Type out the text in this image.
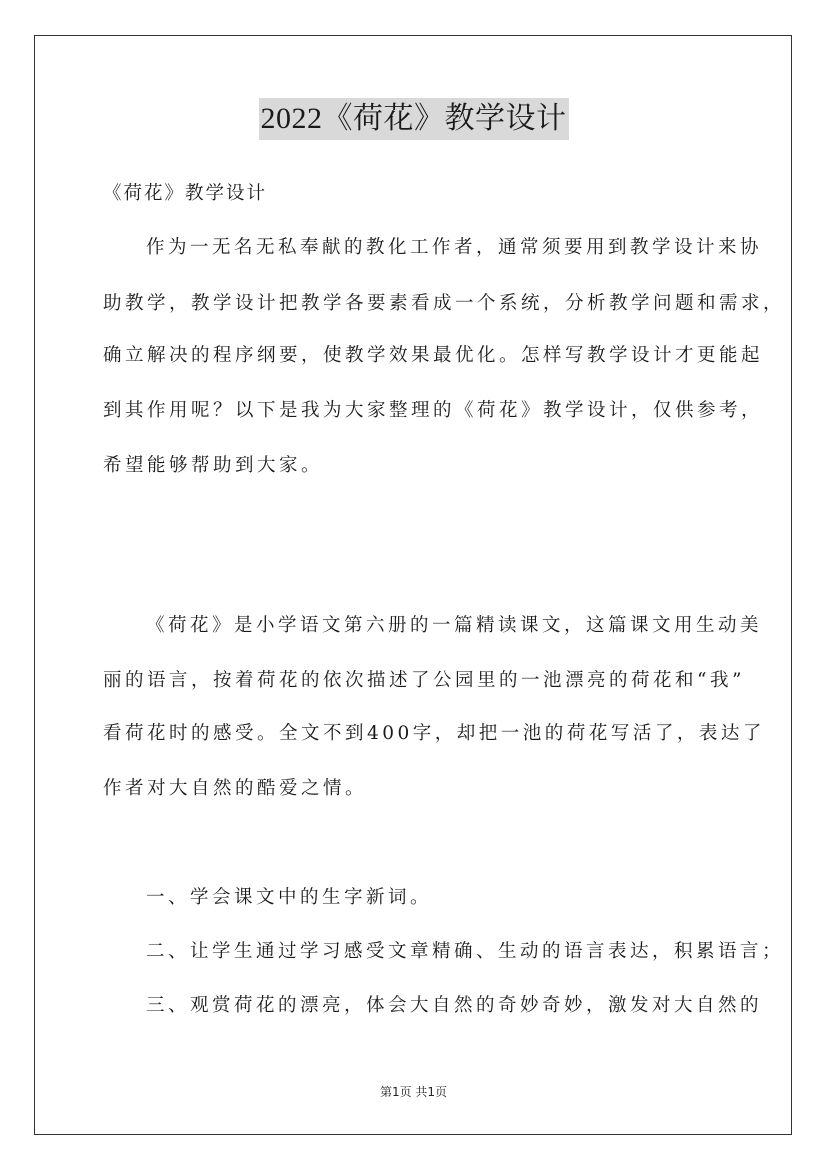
2022《荷花》教学设计
《荷花》教学设计
作为一无名无私奉献的教化工作者，通常须要用到教学设计来协
助教学，教学设计把教学各要素看成一个系统，分析教学问题和需求，
确立解决的程序纲要，使教学效果最优化。怎样写教学设计才更能起
到其作用呢？以下是我为大家整理的《荷花》教学设计，仅供参考，
希望能够帮助到大家。
《荷花》是小学语文第六册的一篇精读课文，这篇课文用生动美
丽的语言，按着荷花的依次描述了公园里的一池漂亮的荷花和“我”
看荷花时的感受。全文不到400字，却把一池的荷花写活了，表达了
作者对大自然的酷爱之情。
一、学会课文中的生字新词。
二、让学生通过学习感受文章精确、生动的语言表达，积累语言；
三、观赏荷花的漂亮，体会大自然的奇妙奇妙，激发对大自然的
第1页 共1页
